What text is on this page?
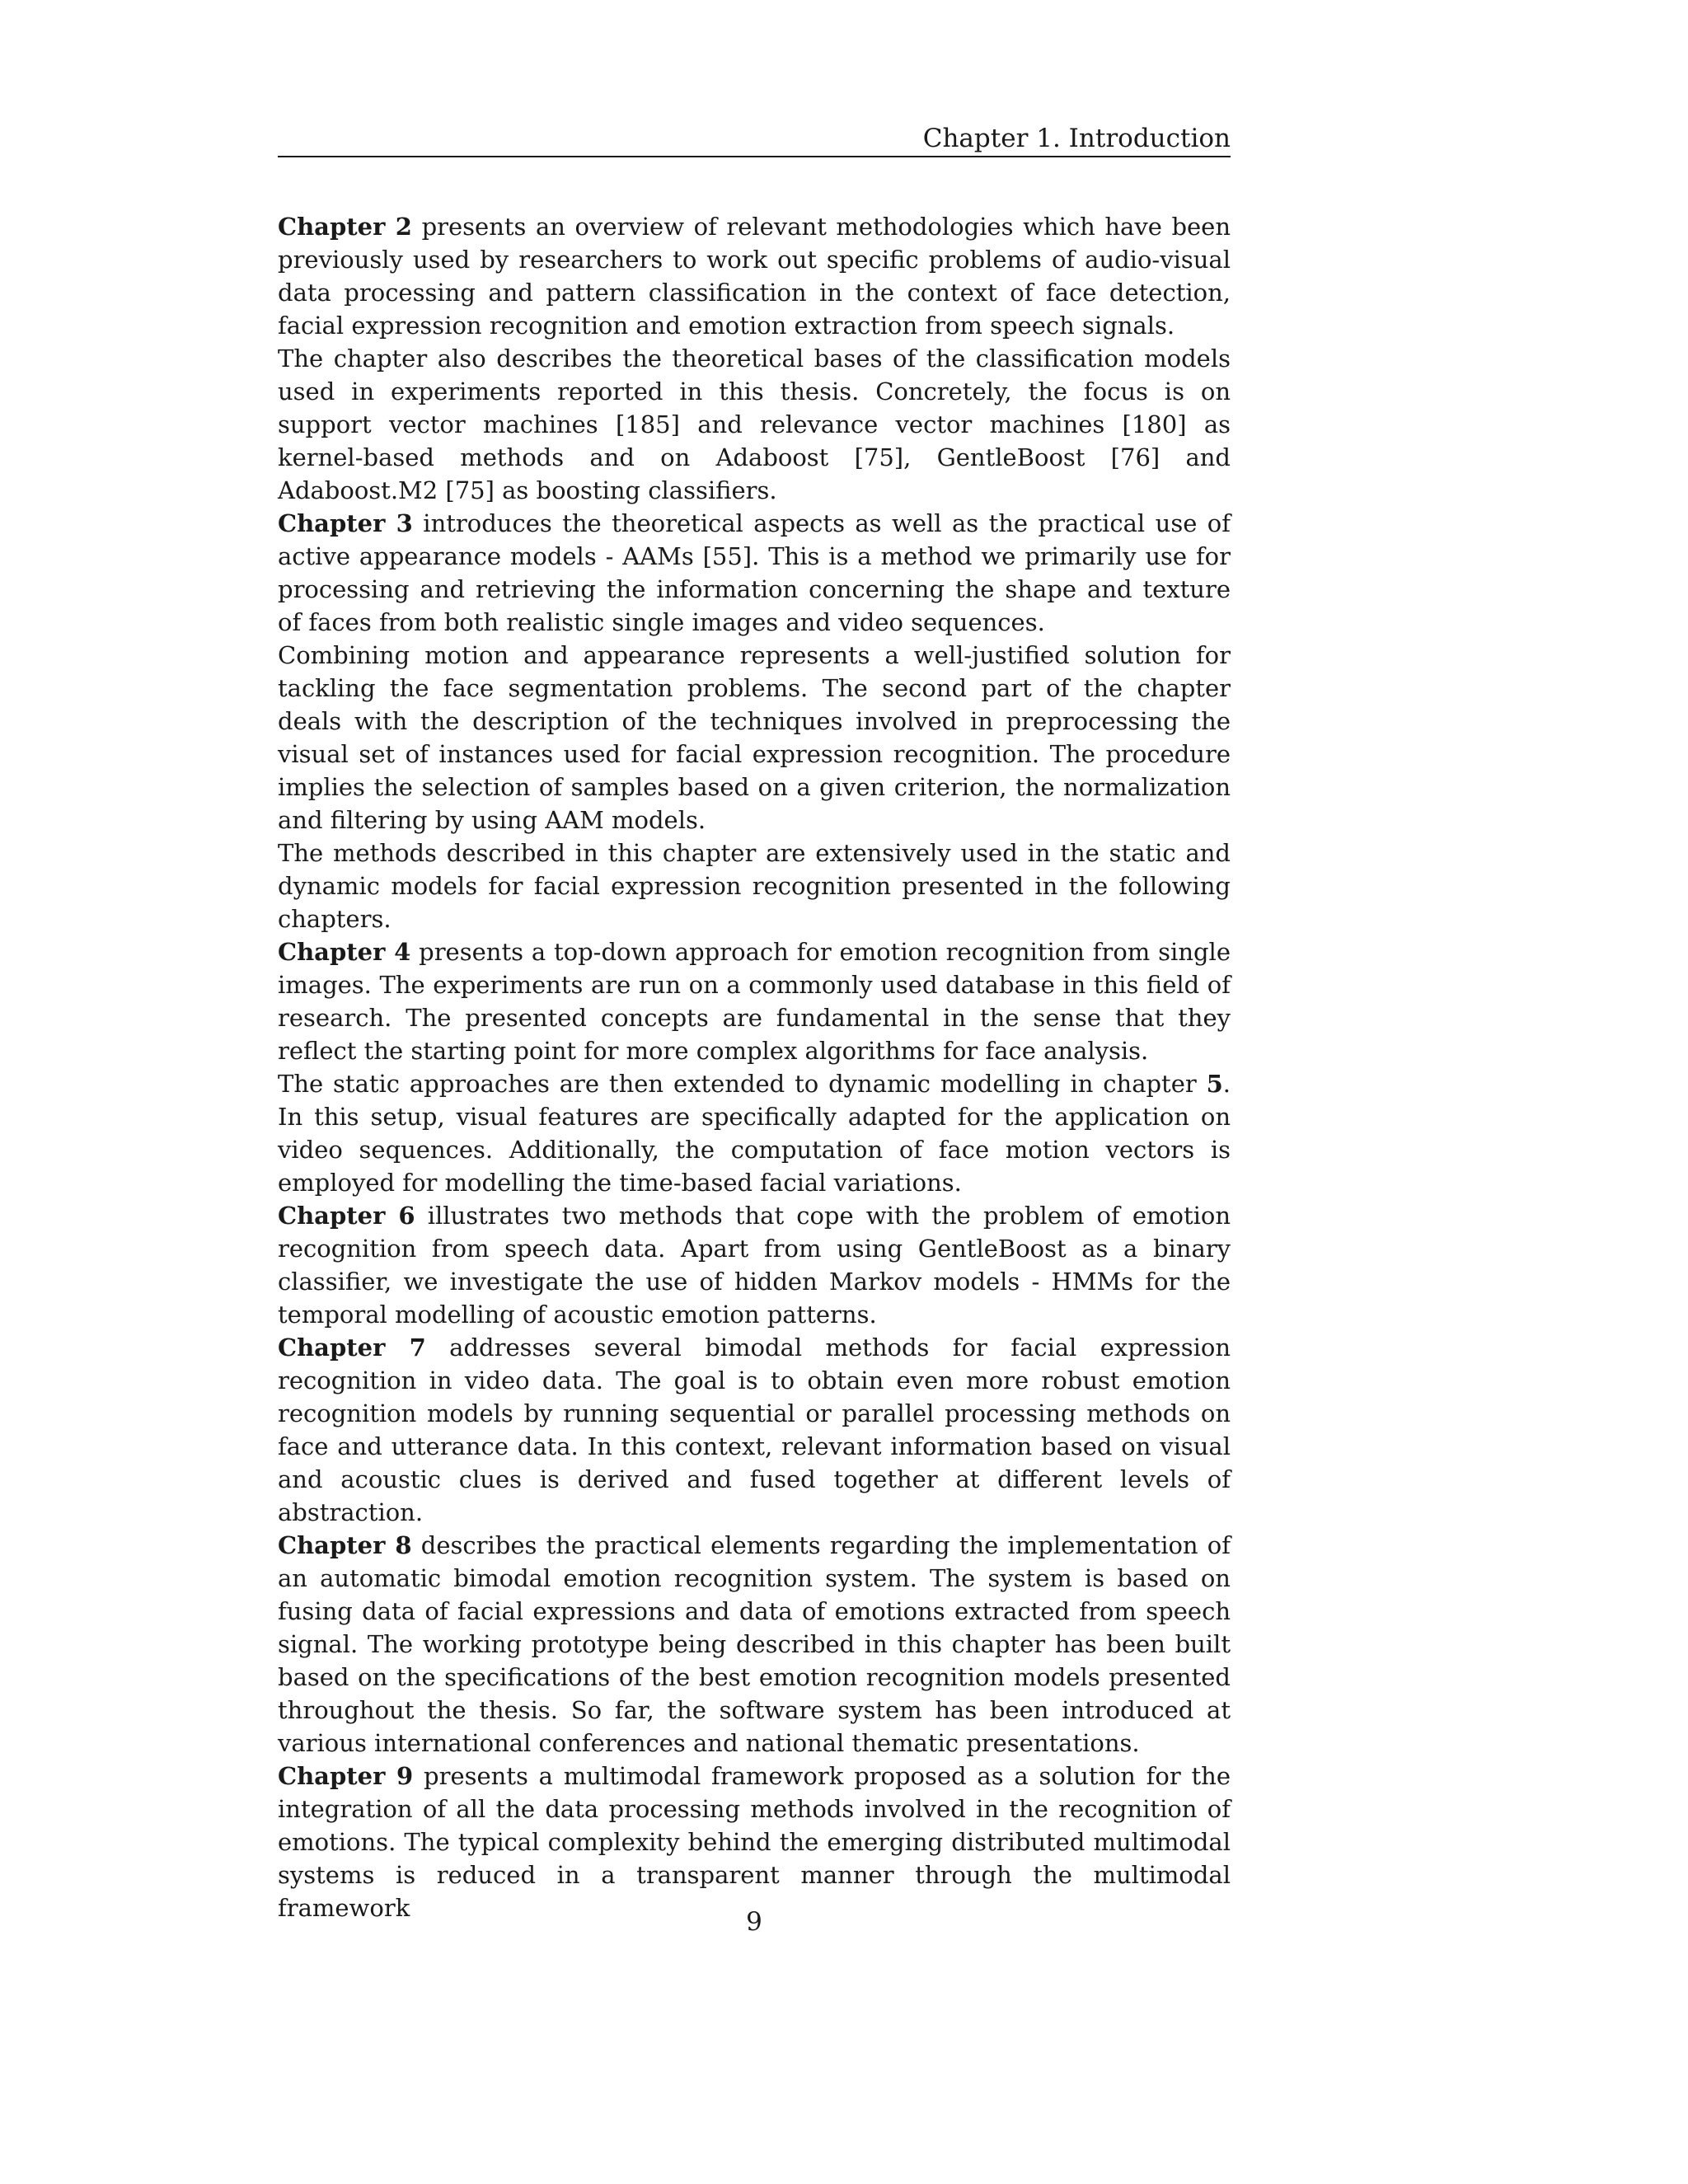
Chapter 1. Introduction

Chapter 2 presents an overview of relevant methodologies which have been previously used by researchers to work out specific problems of audio-visual data processing and pattern classification in the context of face detection, facial expression recognition and emotion extraction from speech signals.

The chapter also describes the theoretical bases of the classification models used in experiments reported in this thesis. Concretely, the focus is on support vector machines [185] and relevance vector machines [180] as kernel-based methods and on Adaboost [75], GentleBoost [76] and Adaboost.M2 [75] as boosting classifiers.

Chapter 3 introduces the theoretical aspects as well as the practical use of active appearance models - AAMs [55]. This is a method we primarily use for processing and retrieving the information concerning the shape and texture of faces from both realistic single images and video sequences.

Combining motion and appearance represents a well-justified solution for tackling the face segmentation problems. The second part of the chapter deals with the description of the techniques involved in preprocessing the visual set of instances used for facial expression recognition. The procedure implies the selection of samples based on a given criterion, the normalization and filtering by using AAM models.

The methods described in this chapter are extensively used in the static and dynamic models for facial expression recognition presented in the following chapters.

Chapter 4 presents a top-down approach for emotion recognition from single images. The experiments are run on a commonly used database in this field of research. The presented concepts are fundamental in the sense that they reflect the starting point for more complex algorithms for face analysis.

The static approaches are then extended to dynamic modelling in chapter 5. In this setup, visual features are specifically adapted for the application on video sequences. Additionally, the computation of face motion vectors is employed for modelling the time-based facial variations.

Chapter 6 illustrates two methods that cope with the problem of emotion recognition from speech data. Apart from using GentleBoost as a binary classifier, we investigate the use of hidden Markov models - HMMs for the temporal modelling of acoustic emotion patterns.

Chapter 7 addresses several bimodal methods for facial expression recognition in video data. The goal is to obtain even more robust emotion recognition models by running sequential or parallel processing methods on face and utterance data. In this context, relevant information based on visual and acoustic clues is derived and fused together at different levels of abstraction.

Chapter 8 describes the practical elements regarding the implementation of an automatic bimodal emotion recognition system. The system is based on fusing data of facial expressions and data of emotions extracted from speech signal. The working prototype being described in this chapter has been built based on the specifications of the best emotion recognition models presented throughout the thesis. So far, the software system has been introduced at various international conferences and national thematic presentations.

Chapter 9 presents a multimodal framework proposed as a solution for the integration of all the data processing methods involved in the recognition of emotions. The typical complexity behind the emerging distributed multimodal systems is reduced in a transparent manner through the multimodal framework	9
